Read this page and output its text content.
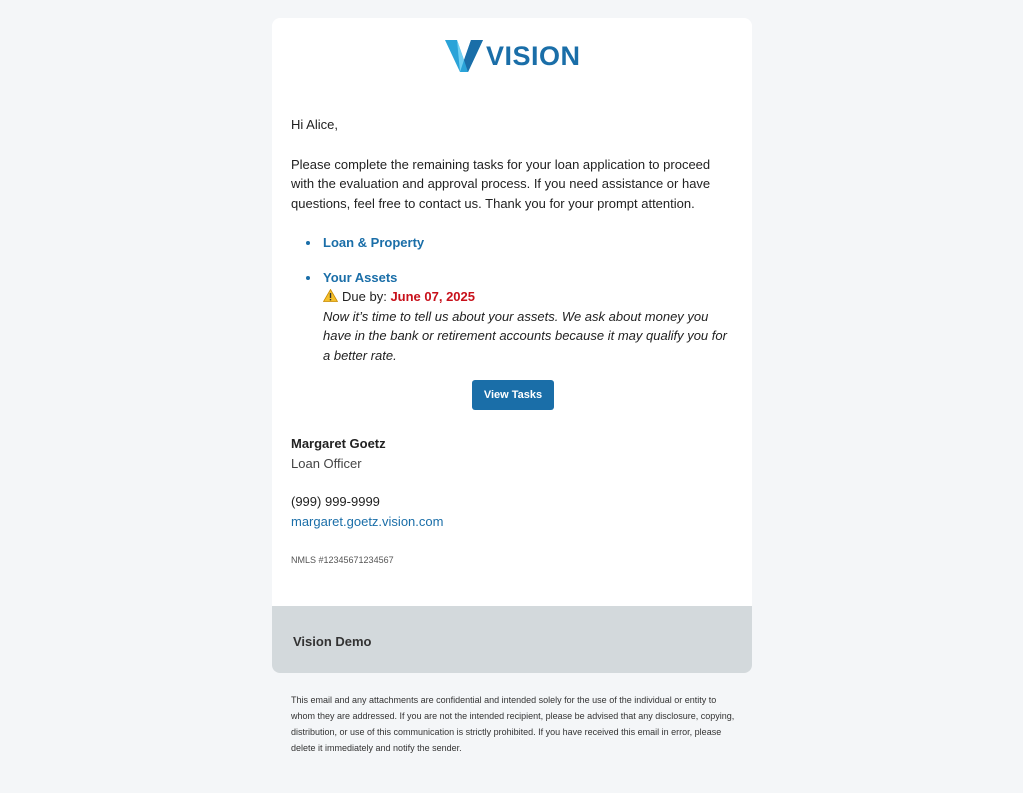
VISION

Hi Alice,

Please complete the remaining tasks for your loan application to proceed with the evaluation and approval process. If you need assistance or have questions, feel free to contact us. Thank you for your prompt attention.

Loan & Property
Your Assets
Due by: June 07, 2025
Now it’s time to tell us about your assets. We ask about money you have in the bank or retirement accounts because it may qualify you for a better rate.
View Tasks
Margaret Goetz
Loan Officer
(999) 999-9999
margaret.goetz.vision.com
NMLS #12345671234567
Vision Demo
This email and any attachments are confidential and intended solely for the use of the individual or entity to whom they are addressed. If you are not the intended recipient, please be advised that any disclosure, copying, distribution, or use of this communication is strictly prohibited. If you have received this email in error, please delete it immediately and notify the sender.
